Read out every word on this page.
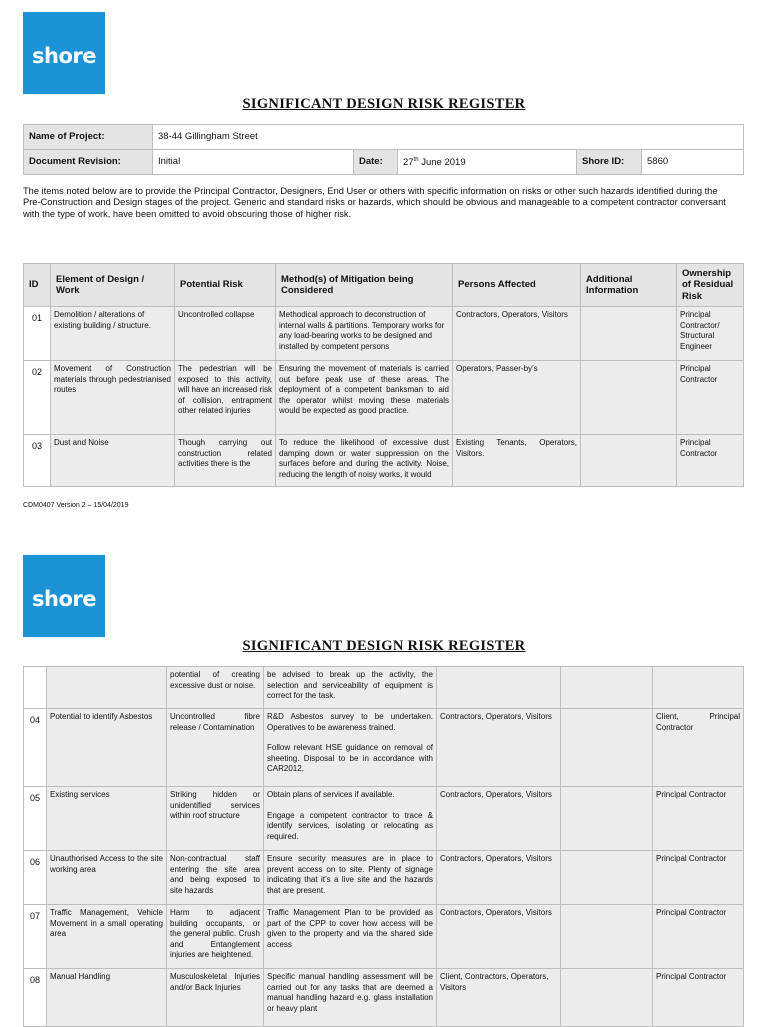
shore
SIGNIFICANT DESIGN RISK REGISTER
Name of Project:	38-44 Gillingham Street				
Document Revision:	Initial	Date:	27th June 2019	Shore ID:	5860
The items noted below are to provide the Principal Contractor, Designers, End User or others with specific information on risks or other such hazards identified during the Pre-Construction and Design stages of the project. Generic and standard risks or hazards, which should be obvious and manageable to a competent contractor conversant with the type of work, have been omitted to avoid obscuring those of higher risk.
ID	Element of Design / Work	Potential Risk	Method(s) of Mitigation being Considered	Persons Affected	Additional Information	Ownership of Residual Risk
01	Demolition / alterations of existing building / structure.	Uncontrolled collapse	Methodical approach to deconstruction of internal walls & partitions. Temporary works for any load-bearing works to be designed and installed by competent persons	Contractors, Operators, Visitors		Principal Contractor/ Structural Engineer
02	Movement of Construction materials through pedestrianised routes	The pedestrian will be exposed to this activity, will have an increased risk of collision, entrapment other related injuries	Ensuring the movement of materials is carried out before peak use of these areas. The deployment of a competent banksman to aid the operator whilst moving these materials would be expected as good practice.	Operators, Passer-by’s		Principal Contractor
03	Dust and Noise	Though carrying out construction related activities there is the	To reduce the likelihood of excessive dust damping down or water suppression on the surfaces before and during the activity. Noise, reducing the length of noisy works, it would	Existing Tenants, Operators, Visitors.		Principal Contractor
CDM0407 Version 2 – 15/04/2019
shore
SIGNIFICANT DESIGN RISK REGISTER
		potential of creating excessive dust or noise.	be advised to break up the activity, the selection and serviceability of equipment is correct for the task.			
04	Potential to identify Asbestos	Uncontrolled fibre release / Contamination	R&D Asbestos survey to be undertaken. Operatives to be awareness trained.
Follow relevant HSE guidance on removal of sheeting. Disposal to be in accordance with CAR2012.	Contractors, Operators, Visitors		Client, Principal Contractor
05	Existing services	Striking hidden or unidentified services within roof structure	Obtain plans of services if available.
Engage a competent contractor to trace & identify services, isolating or relocating as required.	Contractors, Operators, Visitors		Principal Contractor
06	Unauthorised Access to the site working area	Non-contractual staff entering the site area and being exposed to site hazards	Ensure security measures are in place to prevent access on to site. Plenty of signage indicating that it’s a live site and the hazards that are present.	Contractors, Operators, Visitors		Principal Contractor
07	Traffic Management, Vehicle Movement in a small operating area	Harm to adjacent building occupants, or the general public. Crush and Entanglement injuries are heightened.	Traffic Management Plan to be provided as part of the CPP to cover how access will be given to the property and via the shared side access	Contractors, Operators, Visitors		Principal Contractor
08	Manual Handling	Musculoskeletal Injuries and/or Back Injuries	Specific manual handling assessment will be carried out for any tasks that are deemed a manual handling hazard e.g. glass installation or heavy plant	Client, Contractors, Operators, Visitors		Principal Contractor
